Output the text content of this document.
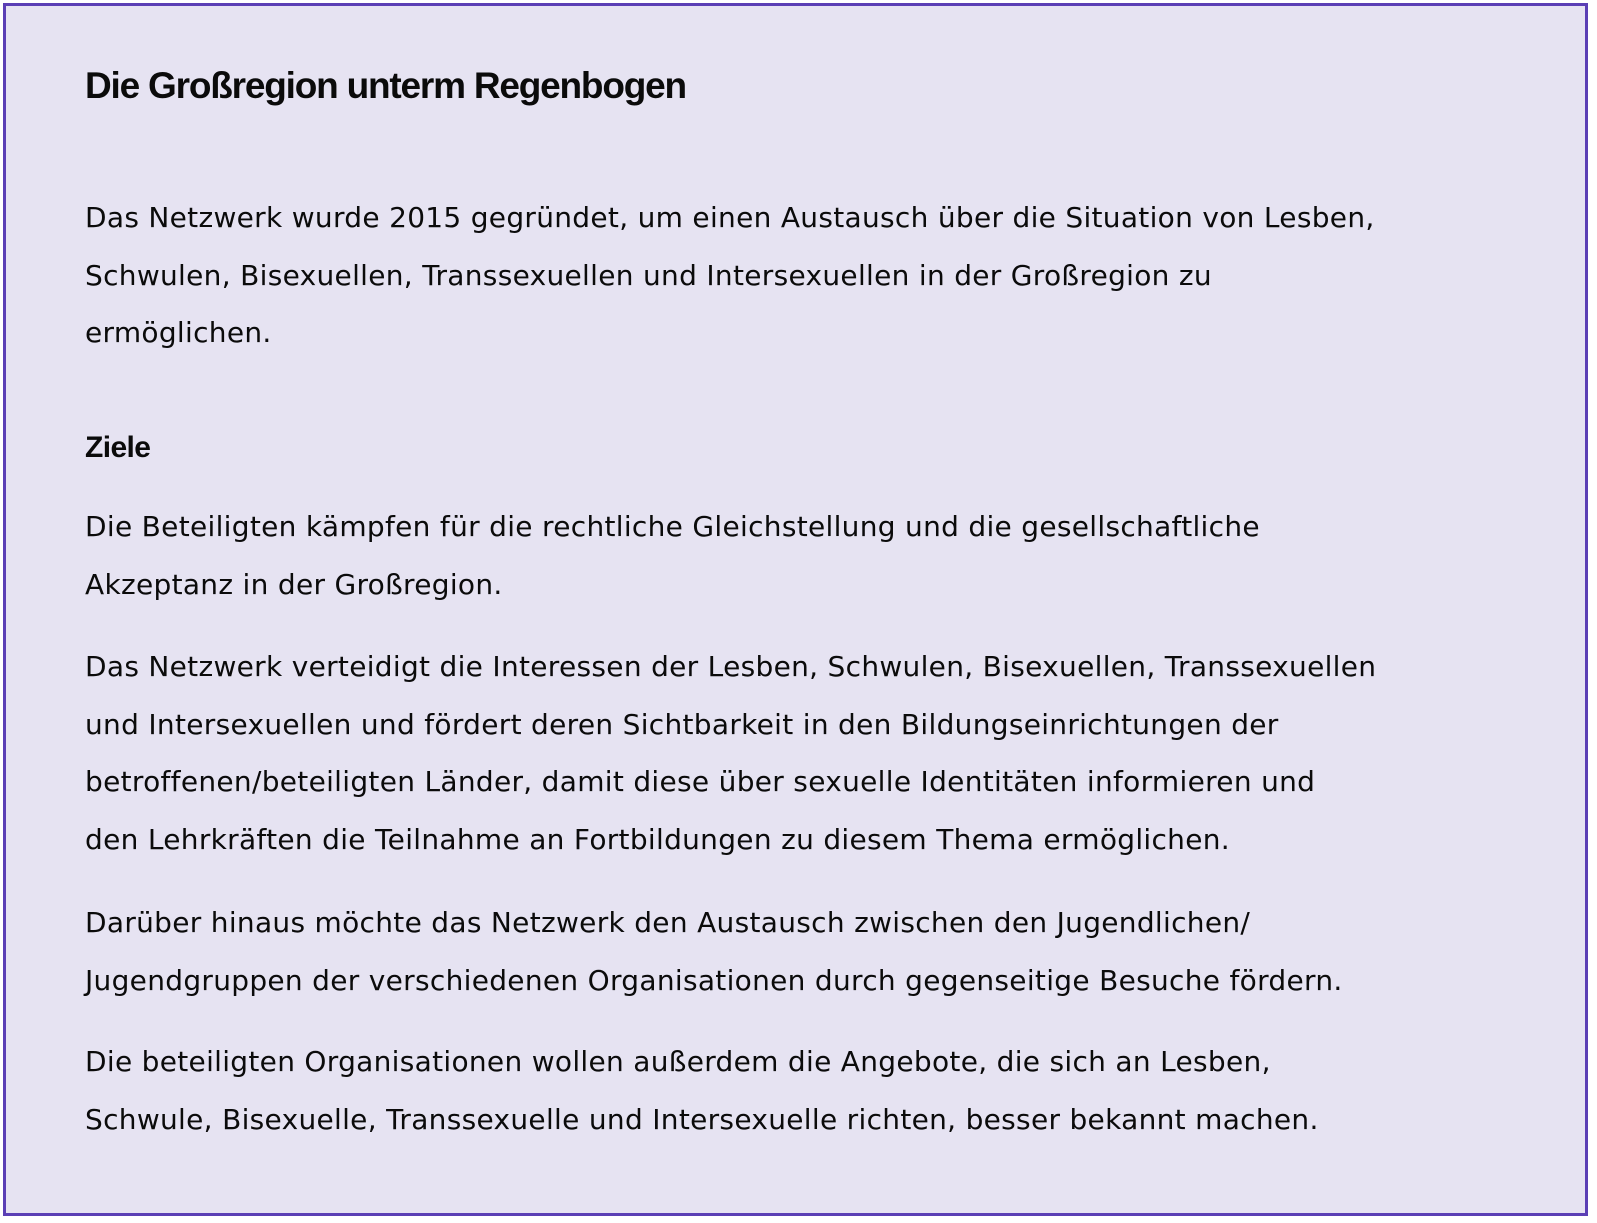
Die Großregion unterm Regenbogen

Das Netzwerk wurde 2015 gegründet, um einen Austausch über die Situation von Lesben,
Schwulen, Bisexuellen, Transsexuellen und Intersexuellen in der Großregion zu
ermöglichen.

Ziele

Die Beteiligten kämpfen für die rechtliche Gleichstellung und die gesellschaftliche
Akzeptanz in der Großregion.

Das Netzwerk verteidigt die Interessen der Lesben, Schwulen, Bisexuellen, Transsexuellen
und Intersexuellen und fördert deren Sichtbarkeit in den Bildungseinrichtungen der
betroffenen/beteiligten Länder, damit diese über sexuelle Identitäten informieren und
den Lehrkräften die Teilnahme an Fortbildungen zu diesem Thema ermöglichen.

Darüber hinaus möchte das Netzwerk den Austausch zwischen den Jugendlichen/
Jugendgruppen der verschiedenen Organisationen durch gegenseitige Besuche fördern.

Die beteiligten Organisationen wollen außerdem die Angebote, die sich an Lesben,
Schwule, Bisexuelle, Transsexuelle und Intersexuelle richten, besser bekannt machen.
